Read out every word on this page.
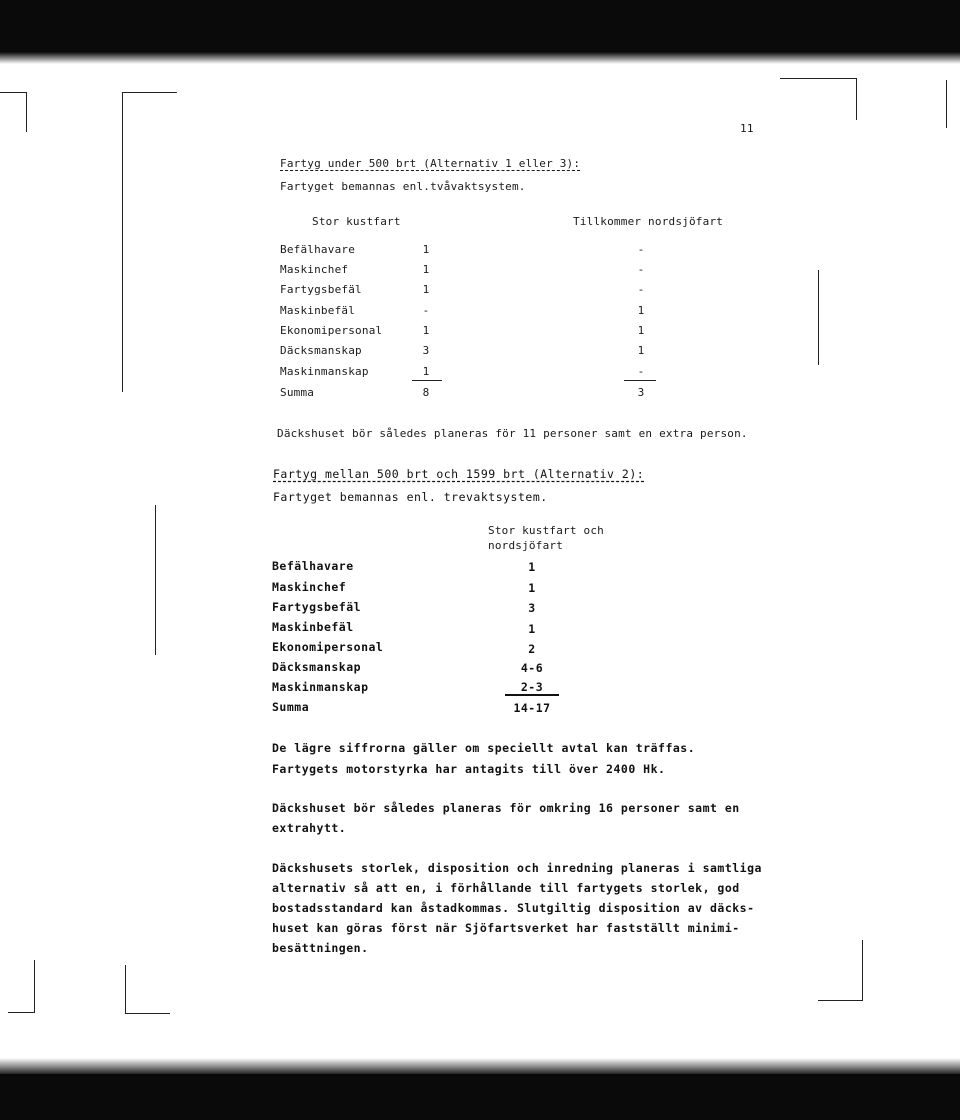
11
Fartyg under 500 brt (Alternativ 1 eller 3):
Fartyget bemannas enl.tvåvaktsystem.
Stor kustfart	Tillkommer nordsjöfart
Befälhavare	1	-
Maskinchef	1	-
Fartygsbefäl	1	-
Maskinbefäl	-	1
Ekonomipersonal	1	1
Däcksmanskap	3	1
Maskinmanskap	1	-
Summa	8	3
Däckshuset bör således planeras för 11 personer samt en extra person.
Fartyg mellan 500 brt och 1599 brt (Alternativ 2):
Fartyget bemannas enl. trevaktsystem.
Stor kustfart och
nordsjöfart
Befälhavare	1
Maskinchef	1
Fartygsbefäl	3
Maskinbefäl	1
Ekonomipersonal	2
Däcksmanskap	4-6
Maskinmanskap	2-3
Summa	14-17
De lägre siffrorna gäller om speciellt avtal kan träffas.
Fartygets motorstyrka har antagits till över 2400 Hk.
Däckshuset bör således planeras för omkring 16 personer samt en
extrahytt.
Däckshusets storlek, disposition och inredning planeras i samtliga
alternativ så att en, i förhållande till fartygets storlek, god
bostadsstandard kan åstadkommas. Slutgiltig disposition av däcks-
huset kan göras först när Sjöfartsverket har fastställt minimi-
besättningen.
